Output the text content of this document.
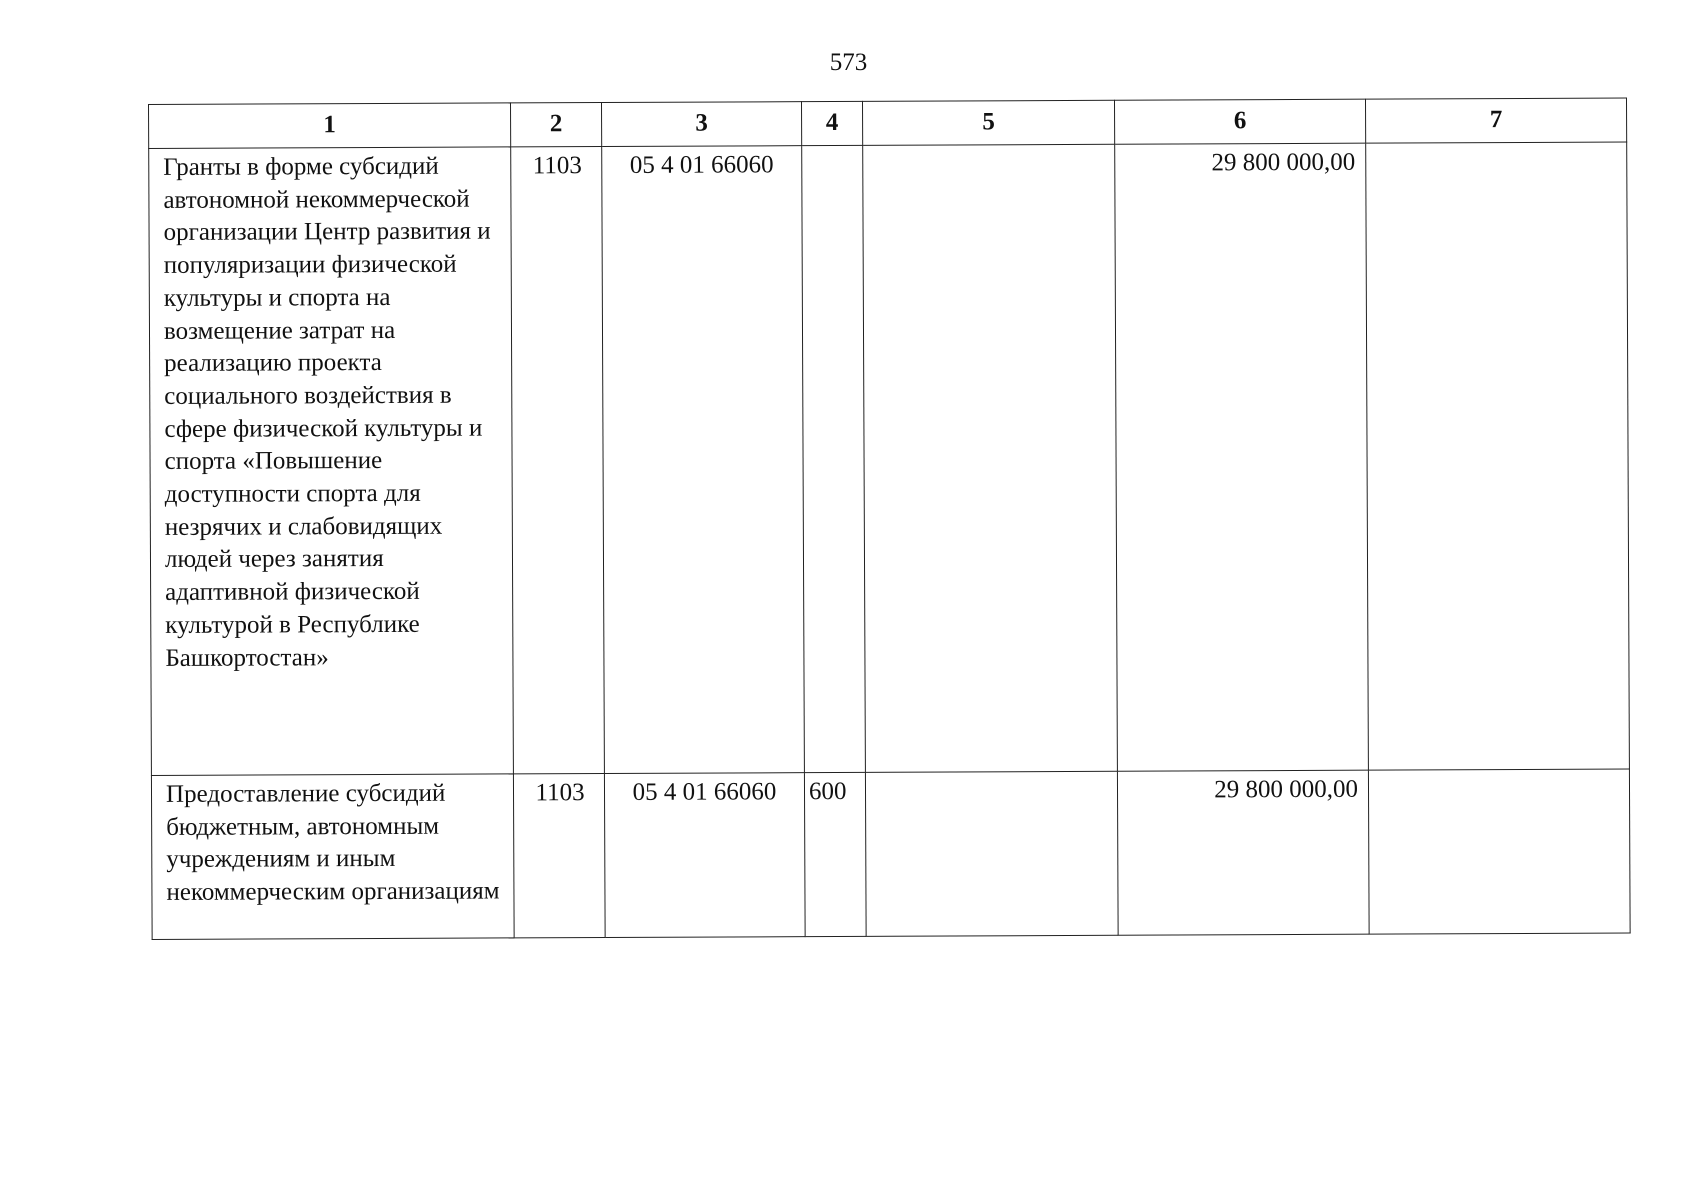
573
1	2	3	4	5	6	7
Гранты в форме субсидий автономной некоммерческой организации Центр развития и популяризации физической культуры и спорта на возмещение затрат на реализацию проекта социального воздействия в сфере физической культуры и спорта «Повышение доступности спорта для незрячих и слабовидящих людей через занятия адаптивной физической культурой в Республике Башкортостан»	1103	05 4 01 66060			29 800 000,00	
Предоставление субсидий бюджетным, автономным учреждениям и иным некоммерческим организациям	1103	05 4 01 66060	600		29 800 000,00	
